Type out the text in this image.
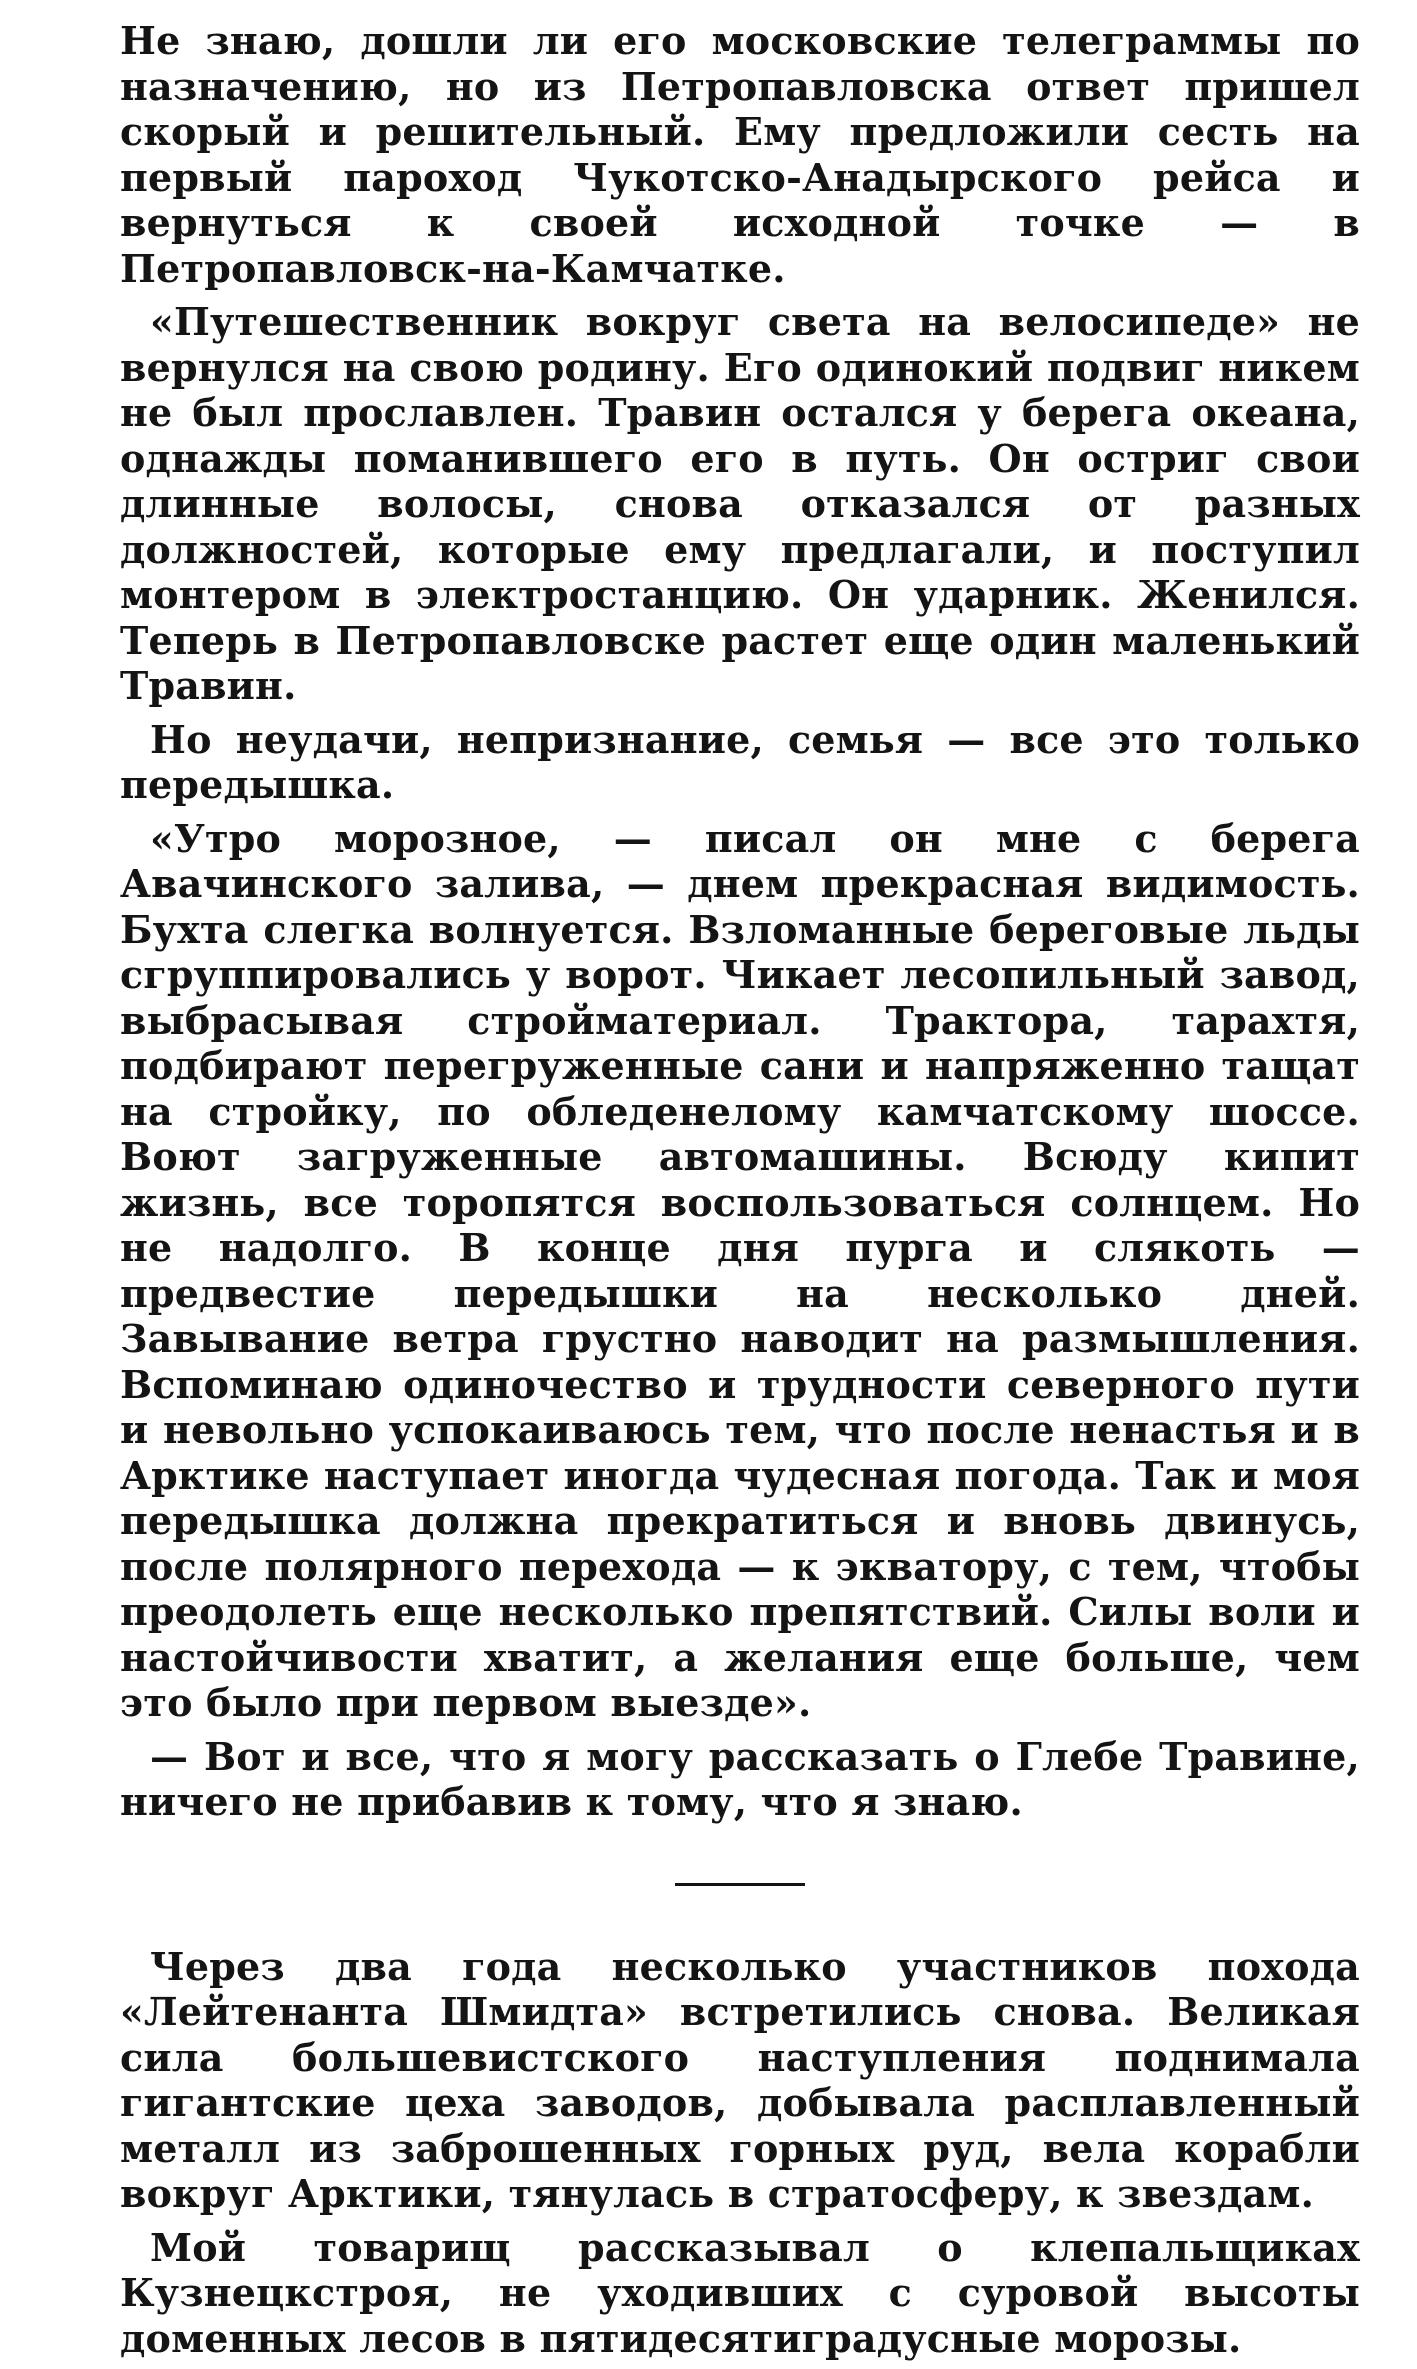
Не знаю, дошли ли его московские телеграммы по назначению, но из Петропавловска ответ пришел скорый и решительный. Ему предложили сесть на первый пароход Чукотско-Анадырского рейса и вернуться к своей исходной точке — в Петропавловск-на-Камчатке.

«Путешественник вокруг света на велосипеде» не вернулся на свою родину. Его одинокий подвиг никем не был прославлен. Травин остался у берега океана, однажды поманившего его в путь. Он остриг свои длинные волосы, снова отказался от разных должностей, которые ему предлагали, и поступил монтером в электростанцию. Он ударник. Женился. Теперь в Петропавловске растет еще один маленький Травин.

Но неудачи, непризнание, семья — все это только передышка.

«Утро морозное, — писал он мне с берега Авачинского залива, — днем прекрасная видимость. Бухта слегка волнуется. Взломанные береговые льды сгруппировались у ворот. Чикает лесопильный завод, выбрасывая стройматериал. Трактора, тарахтя, подбирают перегруженные сани и напряженно тащат на стройку, по обледенелому камчатскому шоссе. Воют загруженные автомашины. Всюду кипит жизнь, все торопятся воспользоваться солнцем. Но не надолго. В конце дня пурга и слякоть — предвестие передышки на несколько дней. Завывание ветра грустно наводит на размышления. Вспоминаю одиночество и трудности северного пути и невольно успокаиваюсь тем, что после ненастья и в Арктике наступает иногда чудесная погода. Так и моя передышка должна прекратиться и вновь двинусь, после полярного перехода — к экватору, с тем, чтобы преодолеть еще несколько препятствий. Силы воли и настойчивости хватит, а желания еще больше, чем это было при первом выезде».

— Вот и все, что я могу рассказать о Глебе Травине, ничего не прибавив к тому, что я знаю.

Через два года несколько участников похода «Лейтенанта Шмидта» встретились снова. Великая сила большевистского наступления поднимала гигантские цеха заводов, добывала расплавленный металл из заброшенных горных руд, вела корабли вокруг Арктики, тянулась в стратосферу, к звездам.

Мой товарищ рассказывал о клепальщиках Кузнецкстроя, не уходивших с суровой высоты доменных лесов в пятидесятиградусные морозы.
